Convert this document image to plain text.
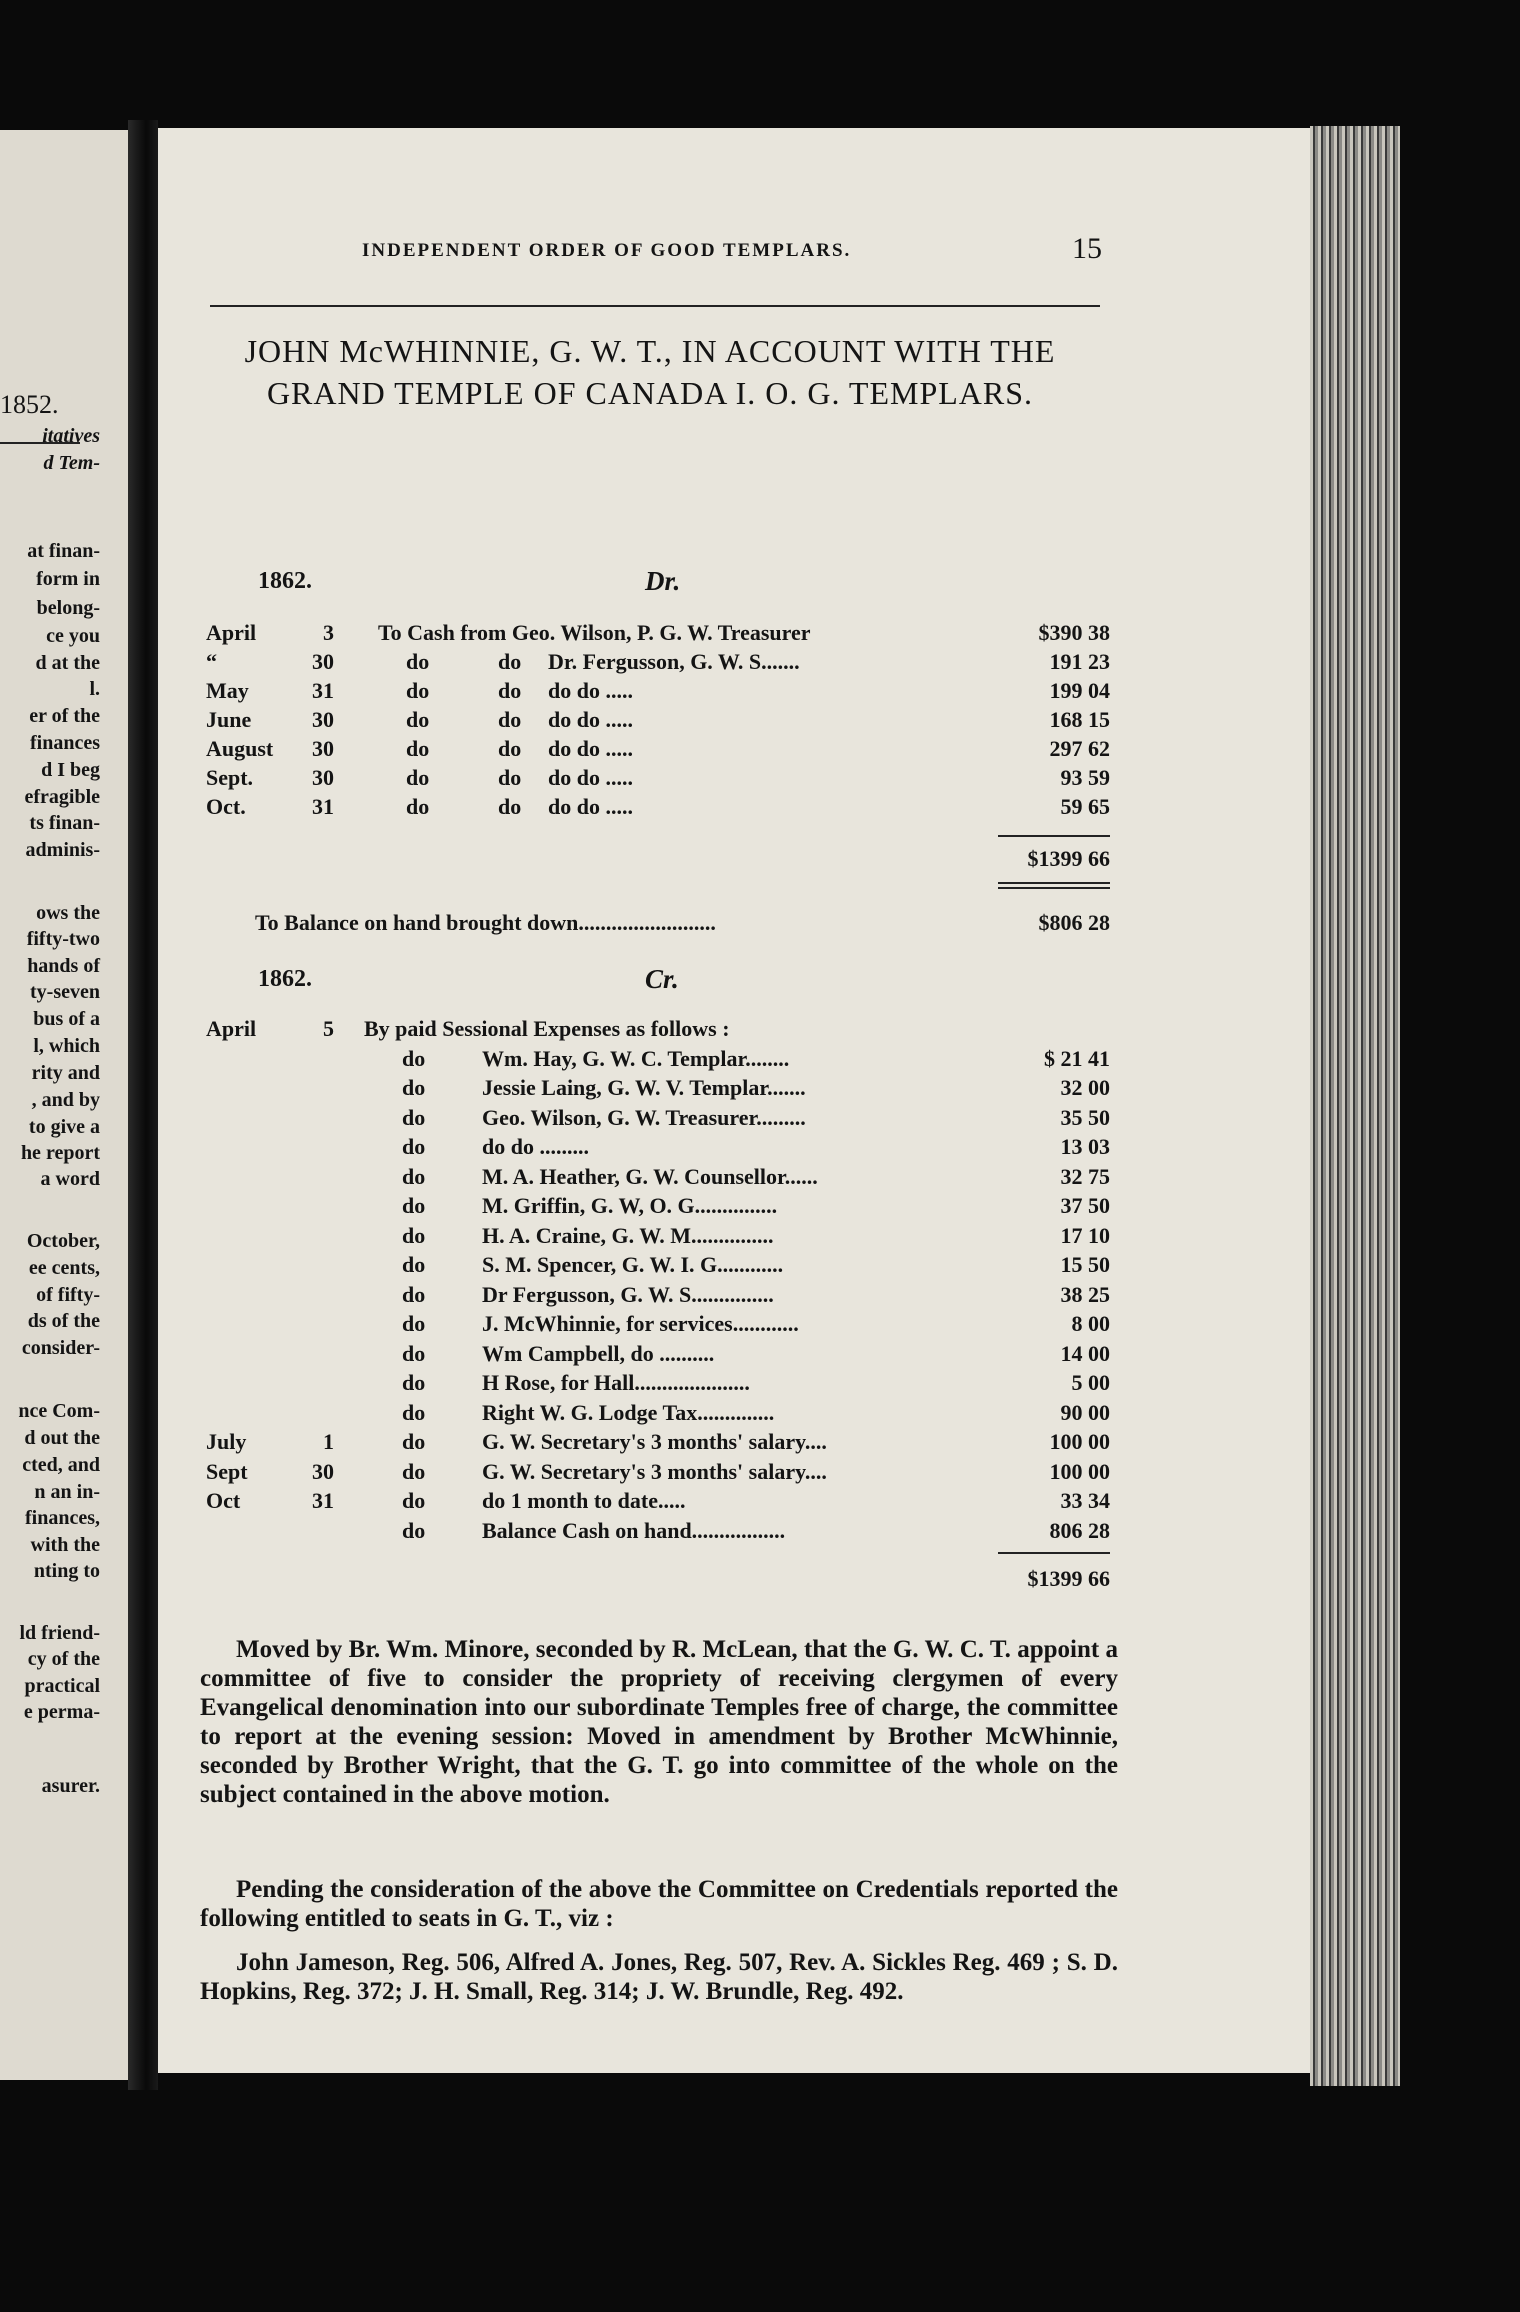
1852.
itatives
d Tem-
at finan-
form in
belong-
ce you
d at the
l.
er of the
finances
d I beg
efragible
ts finan-
adminis-
ows the
fifty-two
hands of
ty-seven
bus of a
l, which
rity and
, and by
to give a
he report
a word
October,
ee cents,
of fifty-
ds of the
consider-
nce Com-
d out the
cted, and
n an in-
finances,
with the
nting to
ld friend-
cy of the
practical
e perma-
asurer.
INDEPENDENT ORDER OF GOOD TEMPLARS.	15
JOHN McWHINNIE, G. W. T., IN ACCOUNT WITH THE
GRAND TEMPLE OF CANADA I. O. G. TEMPLARS.
1862.	Dr.
April	3 To Cash from Geo. Wilson, P. G. W. Treasurer	$390 38
“	30	do	do Dr. Fergusson, G. W. S.......	191 23
May	31	do	do do do .....	199 04
June	30	do	do do do .....	168 15
August	30	do	do do do .....	297 62
Sept.	30	do	do do do .....	93 59
Oct.	31	do	do do do .....	59 65
$1399 66
To Balance on hand brought down.........................	$806 28
1862.	Cr.
April	5 By paid Sessional Expenses as follows :
do	Wm. Hay, G. W. C. Templar........	$ 21 41
do	Jessie Laing, G. W. V. Templar.......	32 00
do	Geo. Wilson, G. W. Treasurer.........	35 50
do	do do .........	13 03
do	M. A. Heather, G. W. Counsellor......	32 75
do	M. Griffin, G. W, O. G...............	37 50
do	H. A. Craine, G. W. M...............	17 10
do	S. M. Spencer, G. W. I. G............	15 50
do	Dr Fergusson, G. W. S...............	38 25
do	J. McWhinnie, for services............	8 00
do	Wm Campbell, do ..........	14 00
do	H Rose, for Hall.....................	5 00
do	Right W. G. Lodge Tax..............	90 00
July	1	do	G. W. Secretary's 3 months' salary....	100 00
Sept	30	do	G. W. Secretary's 3 months' salary....	100 00
Oct	31	do	do 1 month to date.....	33 34
do	Balance Cash on hand.................	806 28
$1399 66
Moved by Br. Wm. Minore, seconded by R. McLean, that the G. W. C. T. appoint a committee of five to consider the propriety of receiving clergymen of every Evangelical denomination into our subordinate Temples free of charge, the committee to report at the evening session: Moved in amendment by Brother McWhinnie, seconded by Brother Wright, that the G. T. go into committee of the whole on the subject contained in the above motion.
Pending the consideration of the above the Committee on Credentials reported the following entitled to seats in G. T., viz :
John Jameson, Reg. 506, Alfred A. Jones, Reg. 507, Rev. A. Sickles Reg. 469 ; S. D. Hopkins, Reg. 372; J. H. Small, Reg. 314; J. W. Brundle, Reg. 492.
